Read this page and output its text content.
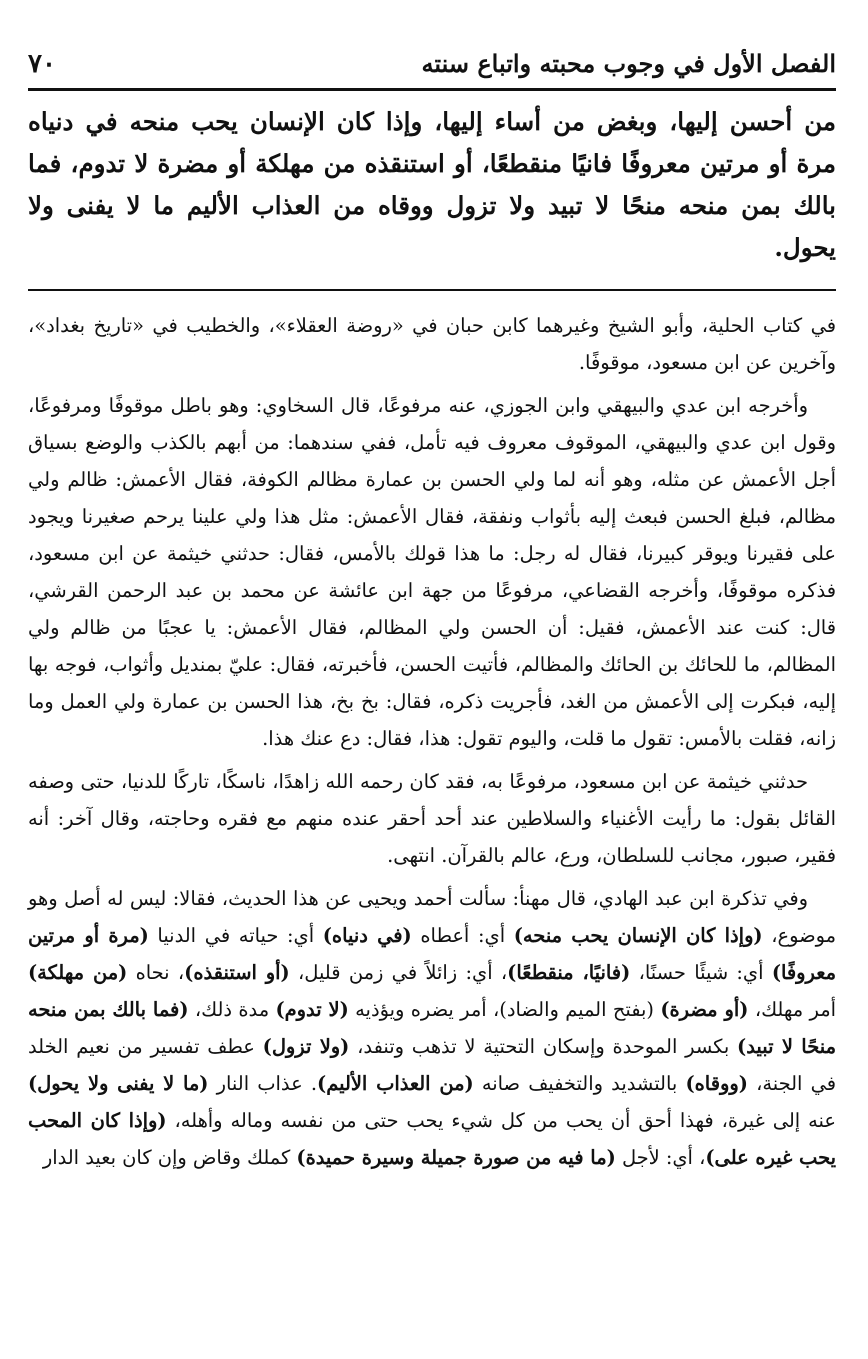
الفصل الأول في وجوب محبته واتباع سنته
٧٠
من أحسن إليها، وبغض من أساء إليها، وإذا كان الإنسان يحب منحه في دنياه مرة أو مرتين معروفًا فانيًا منقطعًا، أو استنقذه من مهلكة أو مضرة لا تدوم، فما بالك بمن منحه منحًا لا تبيد ولا تزول ووقاه من العذاب الأليم ما لا يفنى ولا يحول.

في كتاب الحلية، وأبو الشيخ وغيرهما كابن حبان في «روضة العقلاء»، والخطيب في «تاريخ بغداد»، وآخرين عن ابن مسعود، موقوفًا.

وأخرجه ابن عدي والبيهقي وابن الجوزي، عنه مرفوعًا، قال السخاوي: وهو باطل موقوفًا ومرفوعًا، وقول ابن عدي والبيهقي، الموقوف معروف فيه تأمل، ففي سندهما: من أبهم بالكذب والوضع بسياق أجل الأعمش عن مثله، وهو أنه لما ولي الحسن بن عمارة مظالم الكوفة، فقال الأعمش: ظالم ولي مظالم، فبلغ الحسن فبعث إليه بأثواب ونفقة، فقال الأعمش: مثل هذا ولي علينا يرحم صغيرنا ويجود على فقيرنا ويوقر كبيرنا، فقال له رجل: ما هذا قولك بالأمس، فقال: حدثني خيثمة عن ابن مسعود، فذكره موقوفًا، وأخرجه القضاعي، مرفوعًا من جهة ابن عائشة عن محمد بن عبد الرحمن القرشي، قال: كنت عند الأعمش، فقيل: أن الحسن ولي المظالم، فقال الأعمش: يا عجبًا من ظالم ولي المظالم، ما للحائك بن الحائك والمظالم، فأتيت الحسن، فأخبرته، فقال: عليّ بمنديل وأثواب، فوجه بها إليه، فبكرت إلى الأعمش من الغد، فأجريت ذكره، فقال: بخ بخ، هذا الحسن بن عمارة ولي العمل وما زانه، فقلت بالأمس: تقول ما قلت، واليوم تقول: هذا، فقال: دع عنك هذا.

حدثني خيثمة عن ابن مسعود، مرفوعًا به، فقد كان رحمه الله زاهدًا، ناسكًا، تاركًا للدنيا، حتى وصفه القائل بقول: ما رأيت الأغنياء والسلاطين عند أحد أحقر عنده منهم مع فقره وحاجته، وقال آخر: أنه فقير، صبور، مجانب للسلطان، ورع، عالم بالقرآن. انتهى.

وفي تذكرة ابن عبد الهادي، قال مهنأ: سألت أحمد ويحيى عن هذا الحديث، فقالا: ليس له أصل وهو موضوع، (وإذا كان الإنسان يحب منحه) أي: أعطاه (في دنياه) أي: حياته في الدنيا (مرة أو مرتين معروفًا) أي: شيئًا حسنًا، (فانيًا، منقطعًا)، أي: زائلاً في زمن قليل، (أو استنقذه)، نحاه (من مهلكة) أمر مهلك، (أو مضرة) (بفتح الميم والضاد)، أمر يضره ويؤذيه (لا تدوم) مدة ذلك، (فما بالك بمن منحه منحًا لا تبيد) بكسر الموحدة وإسكان التحتية لا تذهب وتنفد، (ولا تزول) عطف تفسير من نعيم الخلد في الجنة، (ووقاه) بالتشديد والتخفيف صانه (من العذاب الأليم). عذاب النار (ما لا يفنى ولا يحول) عنه إلى غيرة، فهذا أحق أن يحب من كل شيء يحب حتى من نفسه وماله وأهله، (وإذا كان المحب يحب غيره على)، أي: لأجل (ما فيه من صورة جميلة وسيرة حميدة) كملك وقاض وإن كان بعيد الدار
